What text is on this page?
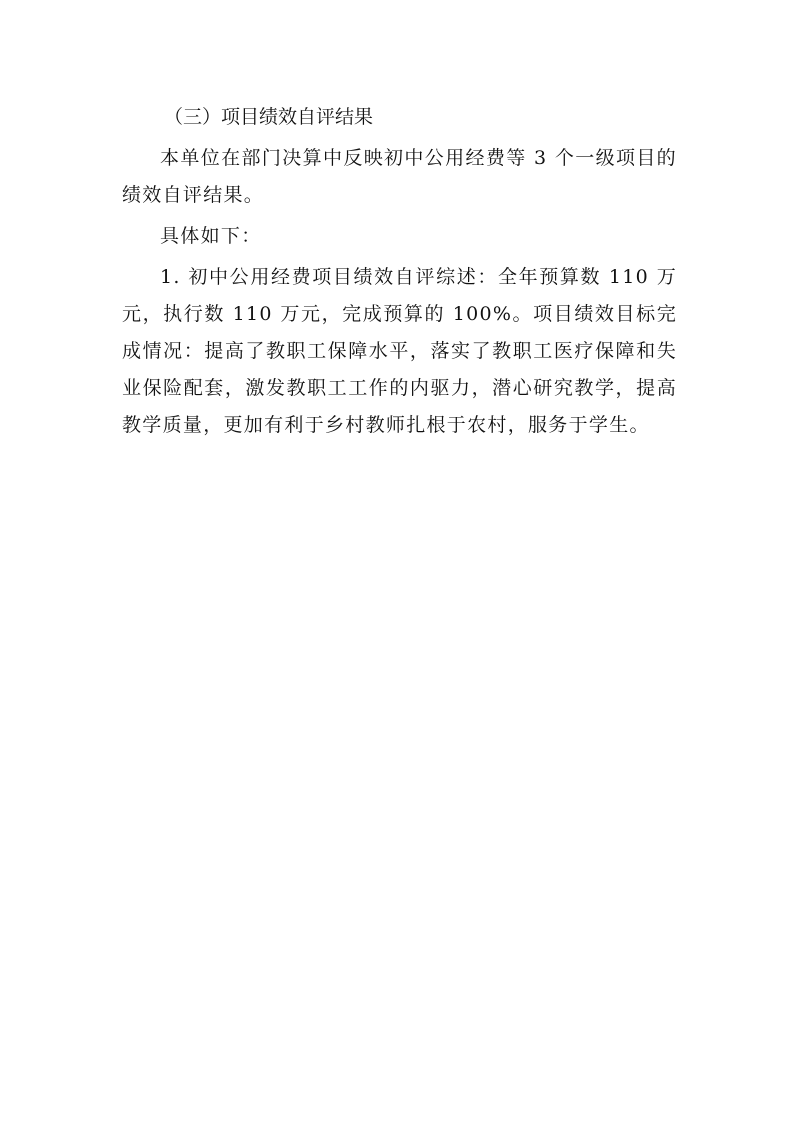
（三）项目绩效自评结果

本单位在部门决算中反映初中公用经费等 3 个一级项目的绩效自评结果。

具体如下：

1. 初中公用经费项目绩效自评综述：全年预算数 110 万元，执行数 110 万元，完成预算的 100%。项目绩效目标完成情况：提高了教职工保障水平，落实了教职工医疗保障和失业保险配套，激发教职工工作的内驱力，潜心研究教学，提高教学质量，更加有利于乡村教师扎根于农村，服务于学生。
